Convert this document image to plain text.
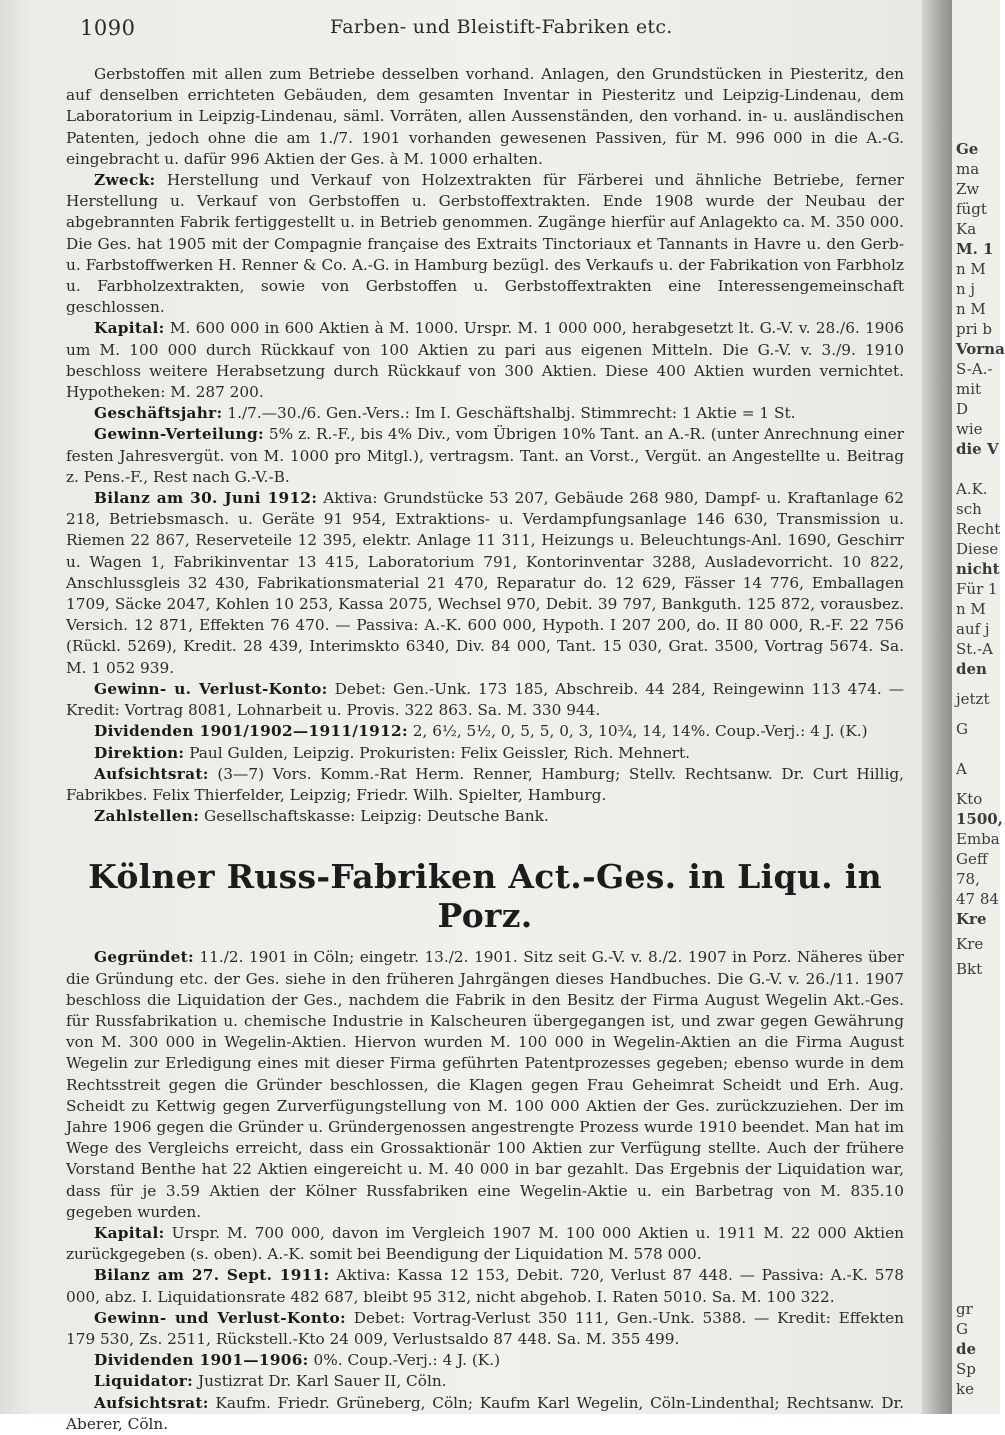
1090	Farben- und Bleistift-Fabriken etc.

Gerbstoffen mit allen zum Betriebe desselben vorhand. Anlagen, den Grundstücken in Piesteritz, den auf denselben errichteten Gebäuden, dem gesamten Inventar in Piesteritz und Leipzig-Lindenau, dem Laboratorium in Leipzig-Lindenau, säml. Vorräten, allen Aussenständen, den vorhand. in- u. ausländischen Patenten, jedoch ohne die am 1./7. 1901 vorhanden gewesenen Passiven, für M. 996 000 in die A.-G. eingebracht u. dafür 996 Aktien der Ges. à M. 1000 erhalten.

Zweck: Herstellung und Verkauf von Holzextrakten für Färberei und ähnliche Betriebe, ferner Herstellung u. Verkauf von Gerbstoffen u. Gerbstoffextrakten. Ende 1908 wurde der Neubau der abgebrannten Fabrik fertiggestellt u. in Betrieb genommen. Zugänge hierfür auf Anlagekto ca. M. 350 000. Die Ges. hat 1905 mit der Compagnie française des Extraits Tinctoriaux et Tannants in Havre u. den Gerb- u. Farbstoffwerken H. Renner & Co. A.-G. in Hamburg bezügl. des Verkaufs u. der Fabrikation von Farbholz u. Farbholzextrakten, sowie von Gerbstoffen u. Gerbstoffextrakten eine Interessengemeinschaft geschlossen.

Kapital: M. 600 000 in 600 Aktien à M. 1000. Urspr. M. 1 000 000, herabgesetzt lt. G.-V. v. 28./6. 1906 um M. 100 000 durch Rückkauf von 100 Aktien zu pari aus eigenen Mitteln. Die G.-V. v. 3./9. 1910 beschloss weitere Herabsetzung durch Rückkauf von 300 Aktien. Diese 400 Aktien wurden vernichtet. Hypotheken: M. 287 200.

Geschäftsjahr: 1./7.—30./6. Gen.-Vers.: Im I. Geschäftshalbj. Stimmrecht: 1 Aktie = 1 St.

Gewinn-Verteilung: 5% z. R.-F., bis 4% Div., vom Übrigen 10% Tant. an A.-R. (unter Anrechnung einer festen Jahresvergüt. von M. 1000 pro Mitgl.), vertragsm. Tant. an Vorst., Vergüt. an Angestellte u. Beitrag z. Pens.-F., Rest nach G.-V.-B.

Bilanz am 30. Juni 1912: Aktiva: Grundstücke 53 207, Gebäude 268 980, Dampf- u. Kraftanlage 62 218, Betriebsmasch. u. Geräte 91 954, Extraktions- u. Verdampfungsanlage 146 630, Transmission u. Riemen 22 867, Reserveteile 12 395, elektr. Anlage 11 311, Heizungs u. Beleuchtungs-Anl. 1690, Geschirr u. Wagen 1, Fabrikinventar 13 415, Laboratorium 791, Kontorinventar 3288, Ausladevorricht. 10 822, Anschlussgleis 32 430, Fabrikationsmaterial 21 470, Reparatur do. 12 629, Fässer 14 776, Emballagen 1709, Säcke 2047, Kohlen 10 253, Kassa 2075, Wechsel 970, Debit. 39 797, Bankguth. 125 872, vorausbez. Versich. 12 871, Effekten 76 470. — Passiva: A.-K. 600 000, Hypoth. I 207 200, do. II 80 000, R.-F. 22 756 (Rückl. 5269), Kredit. 28 439, Interimskto 6340, Div. 84 000, Tant. 15 030, Grat. 3500, Vortrag 5674. Sa. M. 1 052 939.

Gewinn- u. Verlust-Konto: Debet: Gen.-Unk. 173 185, Abschreib. 44 284, Reingewinn 113 474. — Kredit: Vortrag 8081, Lohnarbeit u. Provis. 322 863. Sa. M. 330 944.

Dividenden 1901/1902—1911/1912: 2, 6½, 5½, 0, 5, 5, 0, 3, 10¾, 14, 14%. Coup.-Verj.: 4 J. (K.)

Direktion: Paul Gulden, Leipzig. Prokuristen: Felix Geissler, Rich. Mehnert.

Aufsichtsrat: (3—7) Vors. Komm.-Rat Herm. Renner, Hamburg; Stellv. Rechtsanw. Dr. Curt Hillig, Fabrikbes. Felix Thierfelder, Leipzig; Friedr. Wilh. Spielter, Hamburg.

Zahlstellen: Gesellschaftskasse: Leipzig: Deutsche Bank.

Kölner Russ-Fabriken Act.-Ges. in Liqu. in Porz.

Gegründet: 11./2. 1901 in Cöln; eingetr. 13./2. 1901. Sitz seit G.-V. v. 8./2. 1907 in Porz. Näheres über die Gründung etc. der Ges. siehe in den früheren Jahrgängen dieses Handbuches. Die G.-V. v. 26./11. 1907 beschloss die Liquidation der Ges., nachdem die Fabrik in den Besitz der Firma August Wegelin Akt.-Ges. für Russfabrikation u. chemische Industrie in Kalscheuren übergegangen ist, und zwar gegen Gewährung von M. 300 000 in Wegelin-Aktien. Hiervon wurden M. 100 000 in Wegelin-Aktien an die Firma August Wegelin zur Erledigung eines mit dieser Firma geführten Patentprozesses gegeben; ebenso wurde in dem Rechtsstreit gegen die Gründer beschlossen, die Klagen gegen Frau Geheimrat Scheidt und Erh. Aug. Scheidt zu Kettwig gegen Zurverfügungstellung von M. 100 000 Aktien der Ges. zurückzuziehen. Der im Jahre 1906 gegen die Gründer u. Gründergenossen angestrengte Prozess wurde 1910 beendet. Man hat im Wege des Vergleichs erreicht, dass ein Grossaktionär 100 Aktien zur Verfügung stellte. Auch der frühere Vorstand Benthe hat 22 Aktien eingereicht u. M. 40 000 in bar gezahlt. Das Ergebnis der Liquidation war, dass für je 3.59 Aktien der Kölner Russfabriken eine Wegelin-Aktie u. ein Barbetrag von M. 835.10 gegeben wurden.

Kapital: Urspr. M. 700 000, davon im Vergleich 1907 M. 100 000 Aktien u. 1911 M. 22 000 Aktien zurückgegeben (s. oben). A.-K. somit bei Beendigung der Liquidation M. 578 000.

Bilanz am 27. Sept. 1911: Aktiva: Kassa 12 153, Debit. 720, Verlust 87 448. — Passiva: A.-K. 578 000, abz. I. Liquidationsrate 482 687, bleibt 95 312, nicht abgehob. I. Raten 5010. Sa. M. 100 322.

Gewinn- und Verlust-Konto: Debet: Vortrag-Verlust 350 111, Gen.-Unk. 5388. — Kredit: Effekten 179 530, Zs. 2511, Rückstell.-Kto 24 009, Verlustsaldo 87 448. Sa. M. 355 499.

Dividenden 1901—1906: 0%. Coup.-Verj.: 4 J. (K.)

Liquidator: Justizrat Dr. Karl Sauer II, Cöln.

Aufsichtsrat: Kaufm. Friedr. Grüneberg, Cöln; Kaufm Karl Wegelin, Cöln-Lindenthal; Rechtsanw. Dr. Aberer, Cöln.

Ge
ma
Zw
fügt
Ka
M. 1
n M
n j
n M
pri b
Vorna
S-A.-
mit
D
wie
die V
A.K.
sch
Recht
Diese
nicht
Für 1
n M
auf j
St.-A
den
jetzt
G
A
Kto
1500,
Emba
Geff
78,
47 84
Kre
Kre
Bkt
gr
G
de
Sp
ke
